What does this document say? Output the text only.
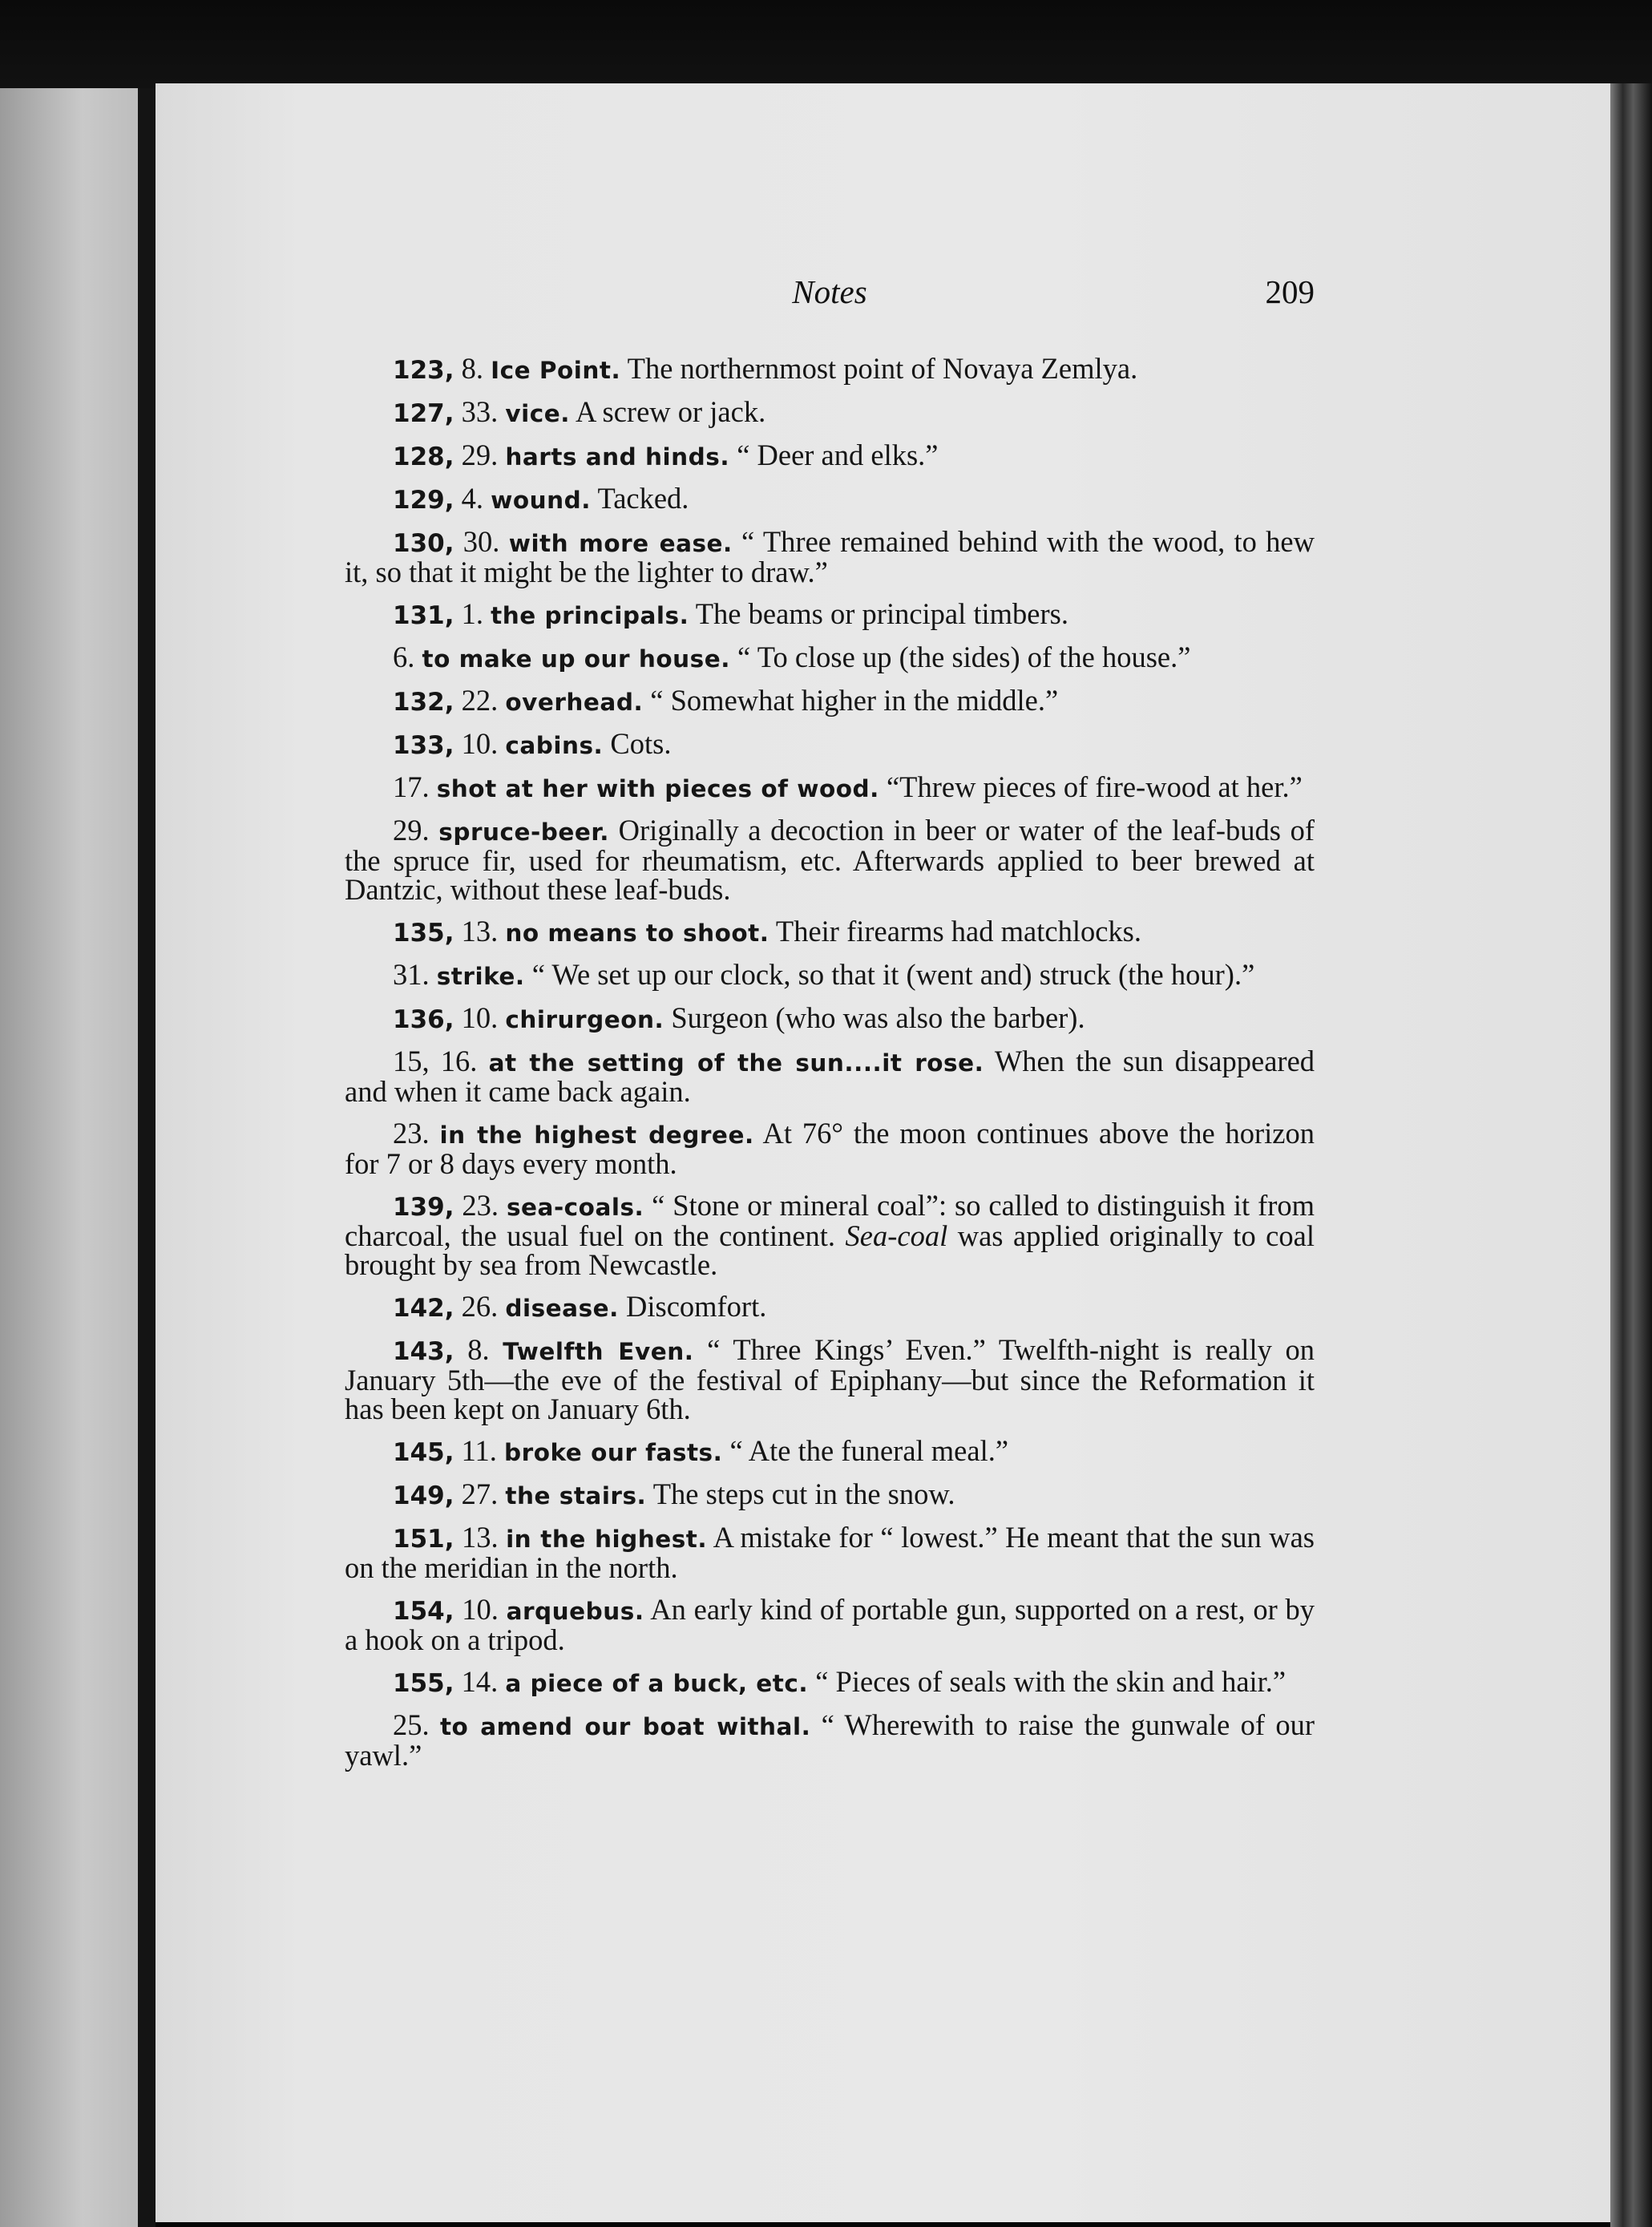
Notes	209

123, 8. Ice Point. The northernmost point of Novaya Zemlya.

127, 33. vice. A screw or jack.

128, 29. harts and hinds. “ Deer and elks.”

129, 4. wound. Tacked.

130, 30. with more ease. “ Three remained behind with the wood, to hew it, so that it might be the lighter to draw.”

131, 1. the principals. The beams or principal timbers.

6. to make up our house. “ To close up (the sides) of the house.”

132, 22. overhead. “ Somewhat higher in the middle.”

133, 10. cabins. Cots.

17. shot at her with pieces of wood. “Threw pieces of fire-wood at her.”

29. spruce-beer. Originally a decoction in beer or water of the leaf-buds of the spruce fir, used for rheumatism, etc. Afterwards applied to beer brewed at Dantzic, without these leaf-buds.

135, 13. no means to shoot. Their firearms had matchlocks.

31. strike. “ We set up our clock, so that it (went and) struck (the hour).”

136, 10. chirurgeon. Surgeon (who was also the barber).

15, 16. at the setting of the sun....it rose. When the sun disappeared and when it came back again.

23. in the highest degree. At 76° the moon continues above the horizon for 7 or 8 days every month.

139, 23. sea-coals. “ Stone or mineral coal”: so called to distinguish it from charcoal, the usual fuel on the continent. Sea-coal was applied originally to coal brought by sea from Newcastle.

142, 26. disease. Discomfort.

143, 8. Twelfth Even. “ Three Kings’ Even.” Twelfth-night is really on January 5th—the eve of the festival of Epiphany—but since the Reformation it has been kept on January 6th.

145, 11. broke our fasts. “ Ate the funeral meal.”

149, 27. the stairs. The steps cut in the snow.

151, 13. in the highest. A mistake for “ lowest.” He meant that the sun was on the meridian in the north.

154, 10. arquebus. An early kind of portable gun, supported on a rest, or by a hook on a tripod.

155, 14. a piece of a buck, etc. “ Pieces of seals with the skin and hair.”

25. to amend our boat withal. “ Wherewith to raise the gunwale of our yawl.”
